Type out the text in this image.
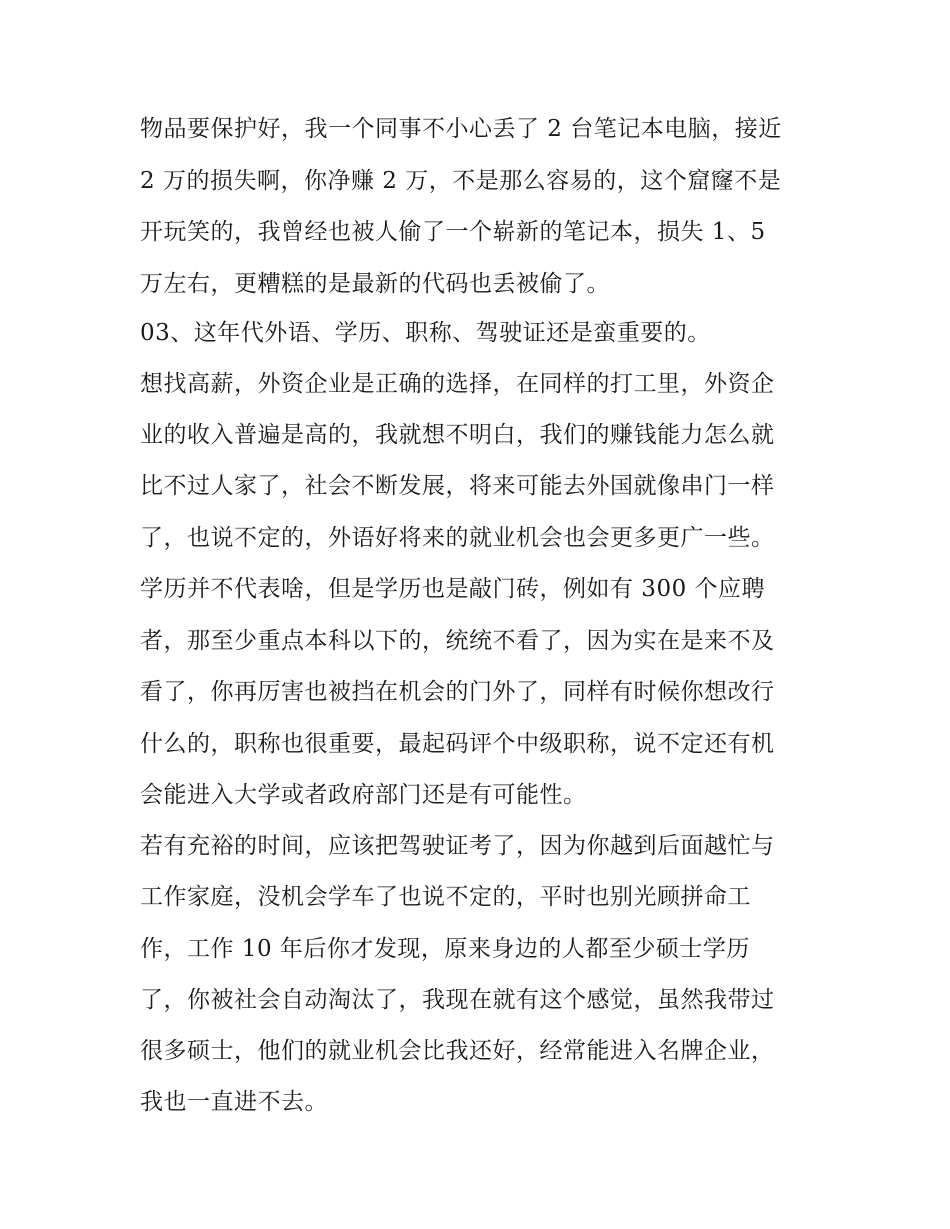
物品要保护好，我一个同事不小心丢了 2 台笔记本电脑，接近
2 万的损失啊，你净赚 2 万，不是那么容易的，这个窟窿不是
开玩笑的，我曾经也被人偷了一个崭新的笔记本，损失 1、5
万左右，更糟糕的是最新的代码也丢被偷了。
03、这年代外语、学历、职称、驾驶证还是蛮重要的。
想找高薪，外资企业是正确的选择，在同样的打工里，外资企
业的收入普遍是高的，我就想不明白，我们的赚钱能力怎么就
比不过人家了，社会不断发展，将来可能去外国就像串门一样
了，也说不定的，外语好将来的就业机会也会更多更广一些。
学历并不代表啥，但是学历也是敲门砖，例如有 300 个应聘
者，那至少重点本科以下的，统统不看了，因为实在是来不及
看了，你再厉害也被挡在机会的门外了，同样有时候你想改行
什么的，职称也很重要，最起码评个中级职称，说不定还有机
会能进入大学或者政府部门还是有可能性。
若有充裕的时间，应该把驾驶证考了，因为你越到后面越忙与
工作家庭，没机会学车了也说不定的，平时也别光顾拼命工
作，工作 10 年后你才发现，原来身边的人都至少硕士学历
了，你被社会自动淘汰了，我现在就有这个感觉，虽然我带过
很多硕士，他们的就业机会比我还好，经常能进入名牌企业，
我也一直进不去。
